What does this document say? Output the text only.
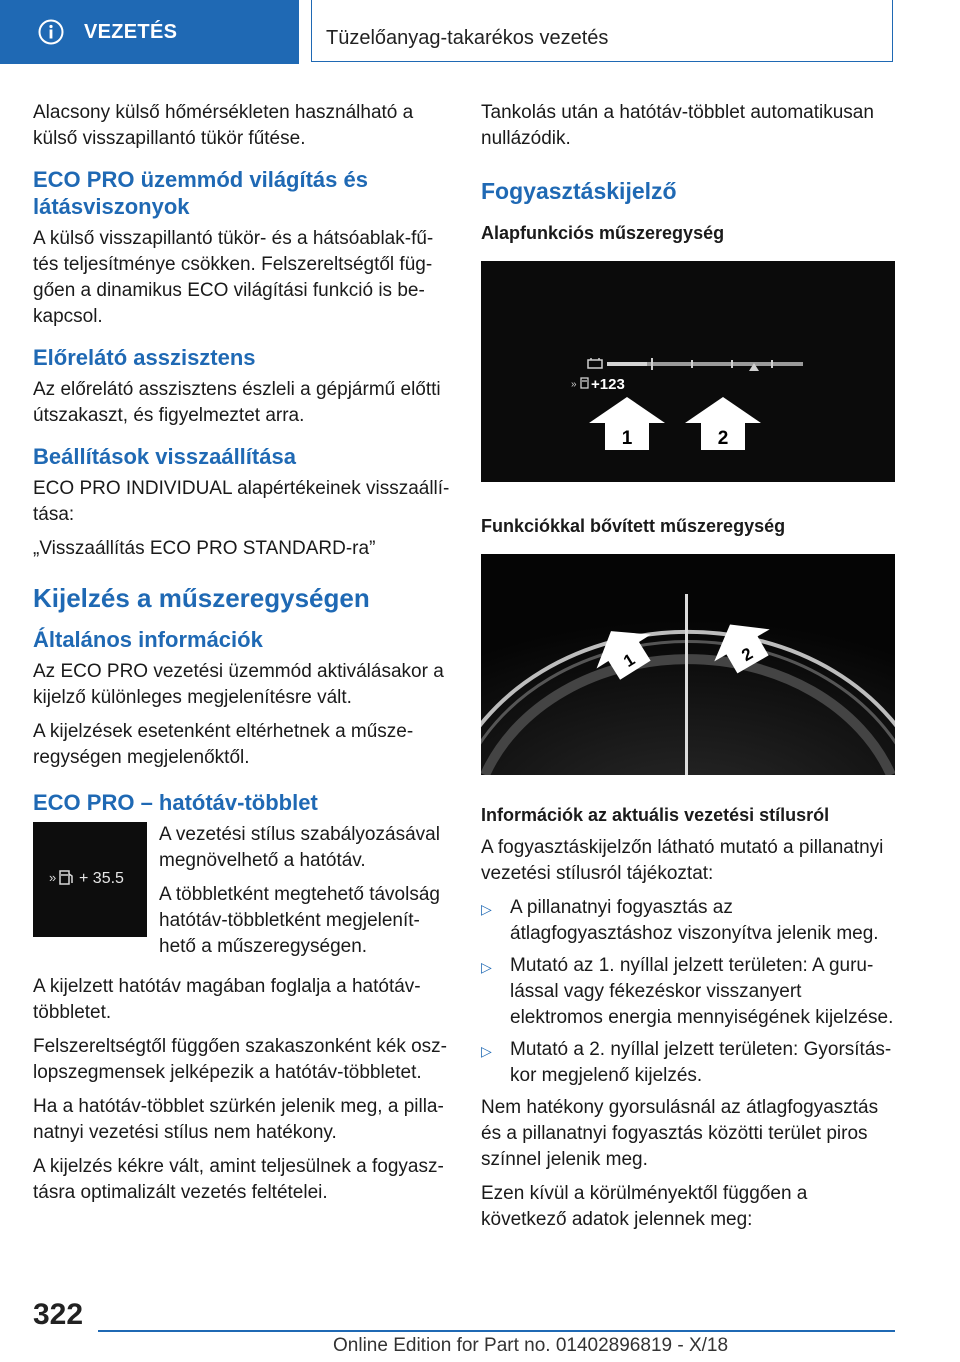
VEZETÉS	Tüzelőanyag-takarékos vezetés

Alacsony külső hőmérsékleten használható a külső visszapillantó tükör fűtése.

ECO PRO üzemmód világítás és látásviszonyok

A külső visszapillantó tükör- és a hátsóablak-fű-tés teljesítménye csökken. Felszereltségtől füg-gően a dinamikus ECO világítási funkció is be-kapcsol.

Előrelátó asszisztens

Az előrelátó asszisztens észleli a gépjármű előtti útszakaszt, és figyelmeztet arra.

Beállítások visszaállítása

ECO PRO INDIVIDUAL alapértékeinek visszaállí-tása:

„Visszaállítás ECO PRO STANDARD-ra”

Kijelzés a műszeregységen
Általános információk

Az ECO PRO vezetési üzemmód aktiválásakor a kijelző különleges megjelenítésre vált.

A kijelzések esetenként eltérhetnek a műsze-regységen megjelenőktől.

ECO PRO – hatótáv-többlet
» + 35.5

A vezetési stílus szabályozásával megnövelhető a hatótáv.

A többletként megtehető távolság hatótáv-többletként megjelenít-hető a műszeregységen.

A kijelzett hatótáv magában foglalja a hatótáv-többletet.

Felszereltségtől függően szakaszonként kék osz-lopszegmensek jelképezik a hatótáv-többletet.

Ha a hatótáv-többlet szürkén jelenik meg, a pilla-natnyi vezetési stílus nem hatékony.

A kijelzés kékre vált, amint teljesülnek a fogyasz-tásra optimalizált vezetés feltételei.

Tankolás után a hatótáv-többlet automatikusan nullázódik.

Fogyasztáskijelző
Alapfunkciós műszeregység
» +123
1	2
Funkciókkal bővített műszeregység
1	2
Információk az aktuális vezetési stílusról

A fogyasztáskijelzőn látható mutató a pillanatnyi vezetési stílusról tájékoztat:

▷ A pillanatnyi fogyasztás az átlagfogyasztáshoz viszonyítva jelenik meg.
▷ Mutató az 1. nyíllal jelzett területen: A guru-lással vagy fékezéskor visszanyert elektromos energia mennyiségének kijelzése.
▷ Mutató a 2. nyíllal jelzett területen: Gyorsítás-kor megjelenő kijelzés.

Nem hatékony gyorsulásnál az átlagfogyasztás és a pillanatnyi fogyasztás közötti terület piros színnel jelenik meg.

Ezen kívül a körülményektől függően a következő adatok jelennek meg:

322
Online Edition for Part no. 01402896819 - X/18
